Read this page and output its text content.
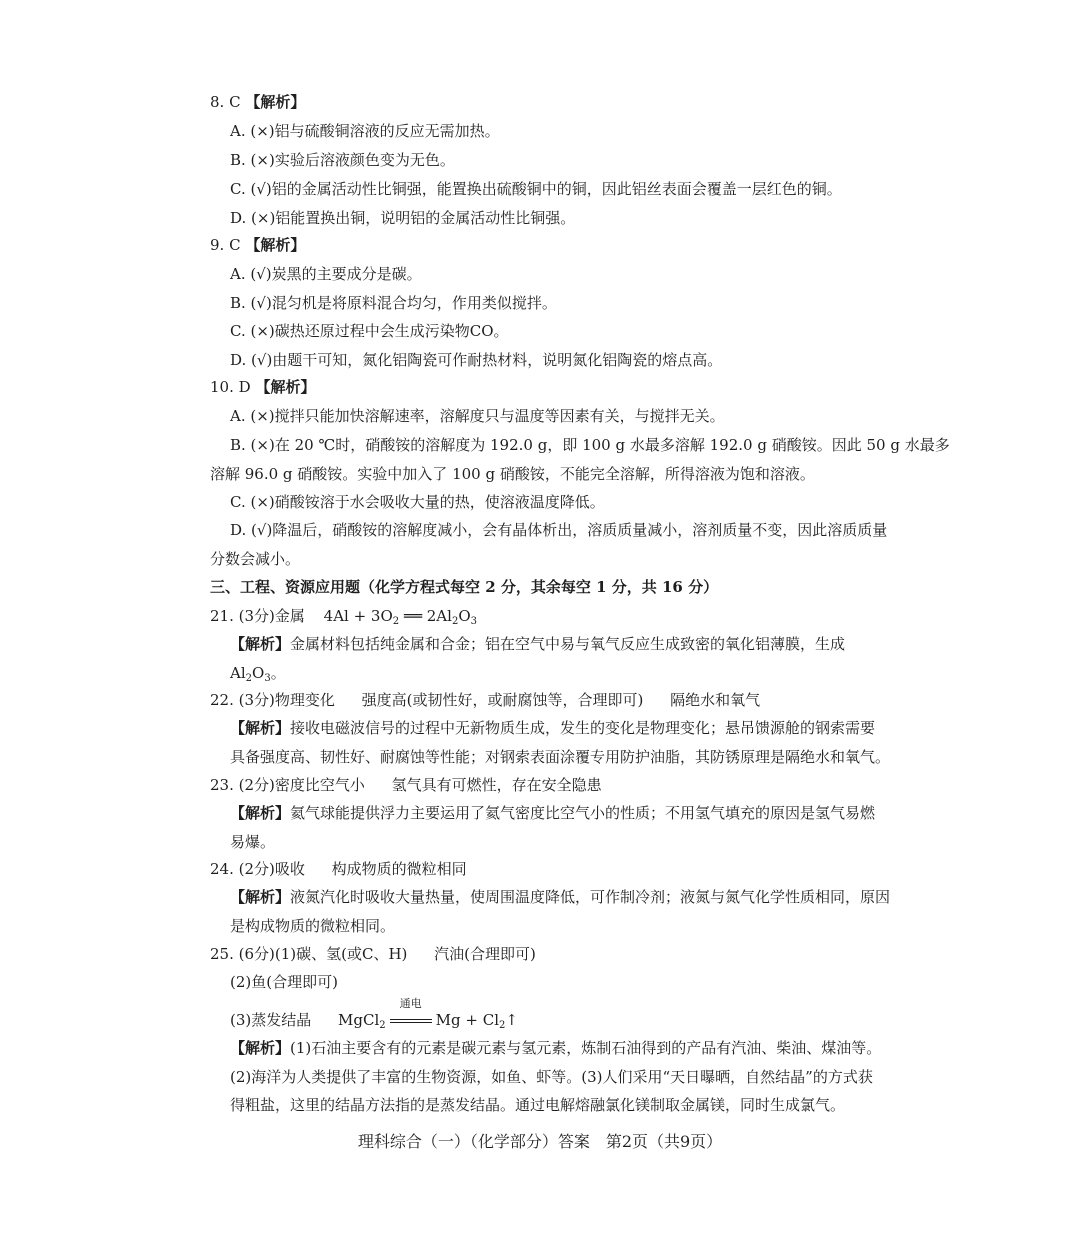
8. C 【解析】
A. (×)铝与硫酸铜溶液的反应无需加热。
B. (×)实验后溶液颜色变为无色。
C. (√)铝的金属活动性比铜强，能置换出硫酸铜中的铜，因此铝丝表面会覆盖一层红色的铜。
D. (×)铝能置换出铜，说明铝的金属活动性比铜强。
9. C 【解析】
A. (√)炭黑的主要成分是碳。
B. (√)混匀机是将原料混合均匀，作用类似搅拌。
C. (×)碳热还原过程中会生成污染物CO。
D. (√)由题干可知，氮化铝陶瓷可作耐热材料，说明氮化铝陶瓷的熔点高。
10. D 【解析】
A. (×)搅拌只能加快溶解速率，溶解度只与温度等因素有关，与搅拌无关。
B. (×)在 20 ℃时，硝酸铵的溶解度为 192.0 g，即 100 g 水最多溶解 192.0 g 硝酸铵。因此 50 g 水最多
溶解 96.0 g 硝酸铵。实验中加入了 100 g 硝酸铵，不能完全溶解，所得溶液为饱和溶液。
C. (×)硝酸铵溶于水会吸收大量的热，使溶液温度降低。
D. (√)降温后，硝酸铵的溶解度减小，会有晶体析出，溶质质量减小，溶剂质量不变，因此溶质质量
分数会减小。
三、工程、资源应用题（化学方程式每空 2 分，其余每空 1 分，共 16 分）
21. (3分)金属 $4Al + 3O_2$ ══ $2Al_2O_3$
【解析】金属材料包括纯金属和合金；铝在空气中易与氧气反应生成致密的氧化铝薄膜，生成
$Al_2O_3$。
22. (3分)物理变化 强度高(或韧性好，或耐腐蚀等，合理即可) 隔绝水和氧气
【解析】接收电磁波信号的过程中无新物质生成，发生的变化是物理变化；悬吊馈源舱的钢索需要
具备强度高、韧性好、耐腐蚀等性能；对钢索表面涂覆专用防护油脂，其防锈原理是隔绝水和氧气。
23. (2分)密度比空气小 氢气具有可燃性，存在安全隐患
【解析】氦气球能提供浮力主要运用了氦气密度比空气小的性质；不用氢气填充的原因是氢气易燃
易爆。
24. (2分)吸收 构成物质的微粒相同
【解析】液氮汽化时吸收大量热量，使周围温度降低，可作制冷剂；液氮与氮气化学性质相同，原因
是构成物质的微粒相同。
25. (6分)(1)碳、氢(或C、H) 汽油(合理即可)
(2)鱼(合理即可)
(3)蒸发结晶 MgCl$_2$
通电
$Mg + Cl_2↑$
【解析】(1)石油主要含有的元素是碳元素与氢元素，炼制石油得到的产品有汽油、柴油、煤油等。
(2)海洋为人类提供了丰富的生物资源，如鱼、虾等。(3)人们采用“天日曝晒，自然结晶”的方式获
得粗盐，这里的结晶方法指的是蒸发结晶。通过电解熔融氯化镁制取金属镁，同时生成氯气。
理科综合（一）（化学部分）答案　第2页（共9页）
